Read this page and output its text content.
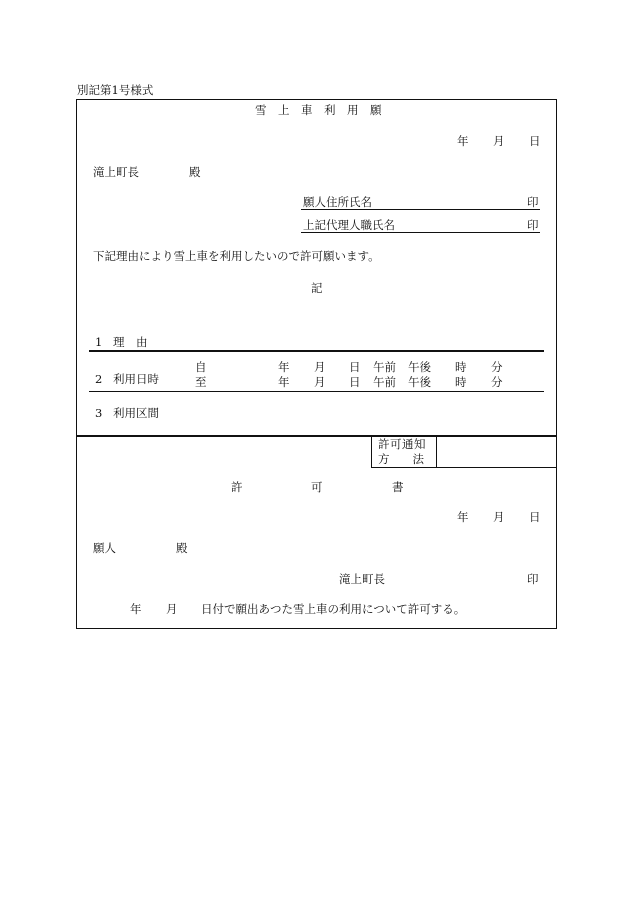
別記第1号様式
雪　上　車　利　用　願
年 月 日
滝上町長	殿
願人住所氏名	印
上記代理人職氏名	印
下記理由により雪上車を利用したいので許可願います。
記
1 理　由
2 利用日時
自	年 月 日 午前 午後 時 分
至	年 月 日 午前 午後 時 分
3 利用区間
許可通知
方　　法
許	可	書
年 月 日
願人	殿
滝上町長	印
年 月 日付で願出あつた雪上車の利用について許可する。
